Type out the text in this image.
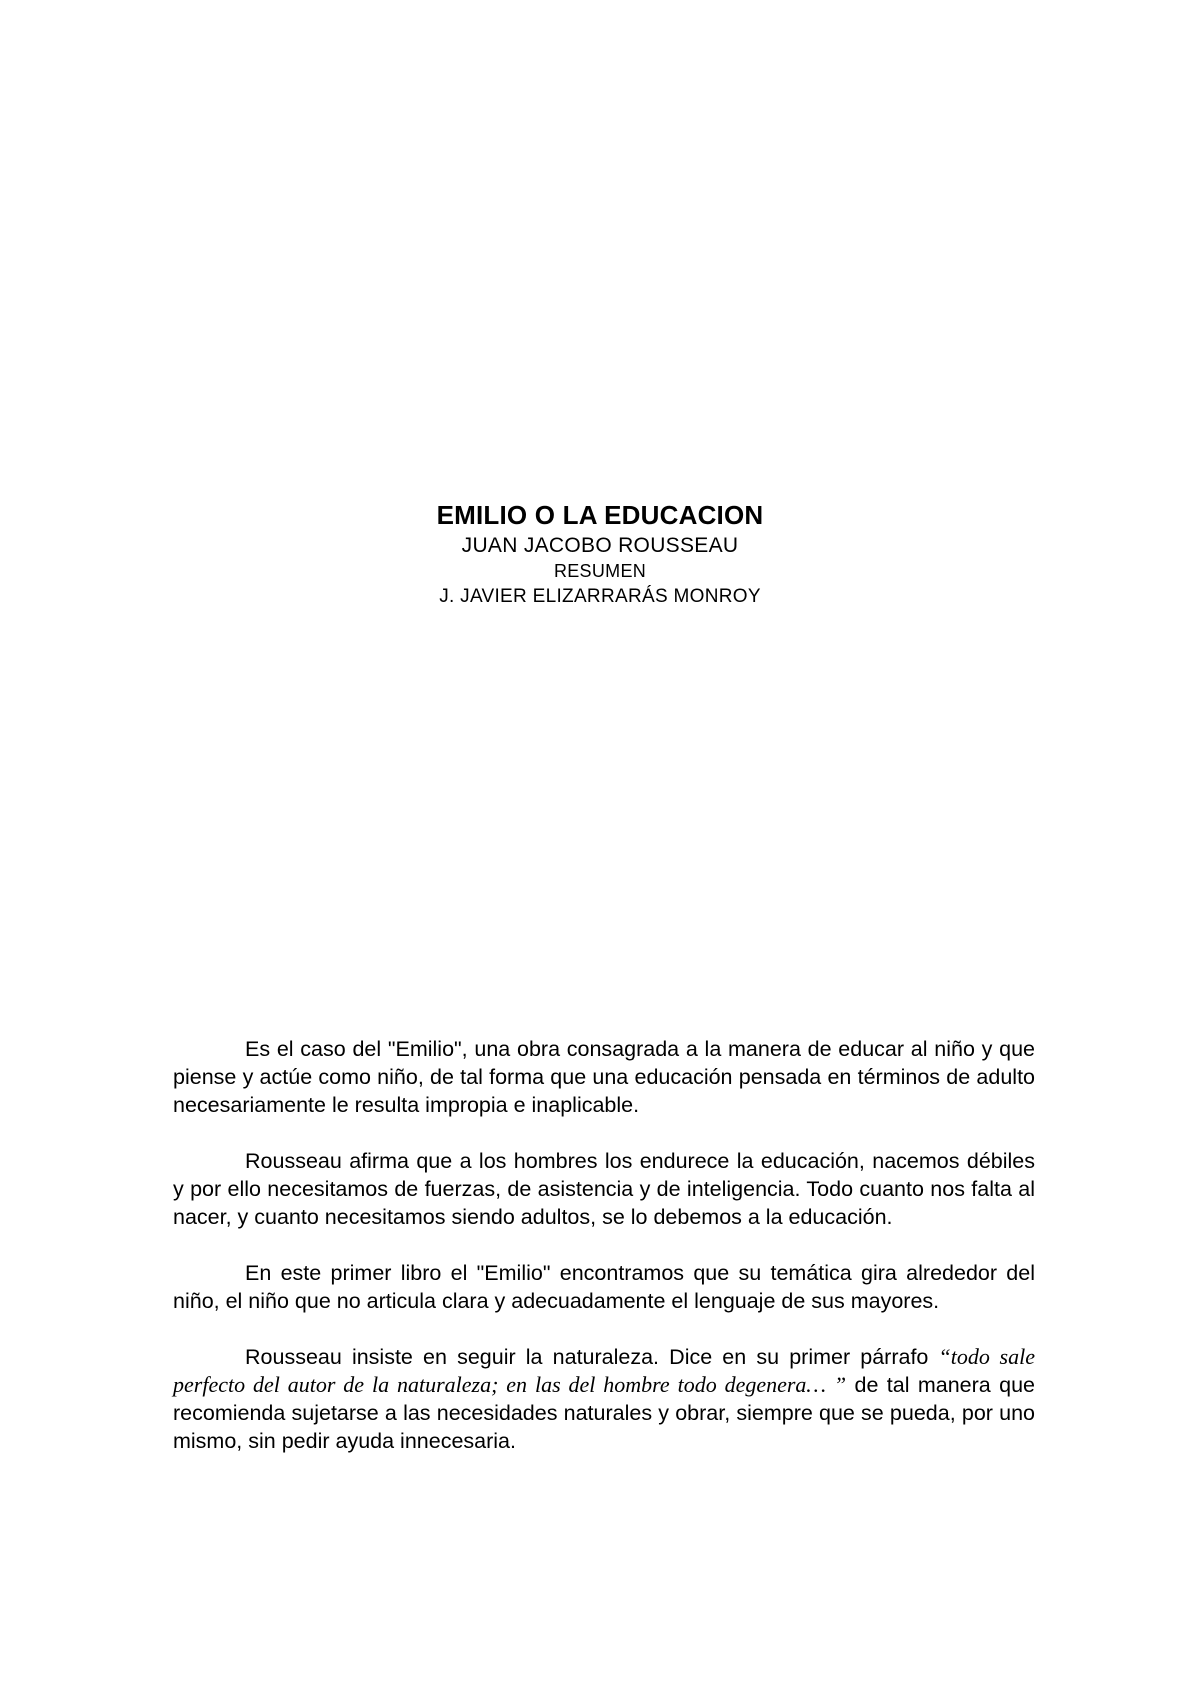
EMILIO O LA EDUCACION

JUAN JACOBO ROUSSEAU

RESUMEN

J. JAVIER ELIZARRARÁS MONROY

Es el caso del "Emilio", una obra consagrada a la manera de educar al niño y que piense y actúe como niño, de tal forma que una educación pensada en términos de adulto necesariamente le resulta impropia e inaplicable.

Rousseau afirma que a los hombres los endurece la educación, nacemos débiles y por ello necesitamos de fuerzas, de asistencia y de inteligencia. Todo cuanto nos falta al nacer, y cuanto necesitamos siendo adultos, se lo debemos a la educación.

En este primer libro el "Emilio" encontramos que su temática gira alrededor del niño, el niño que no articula clara y adecuadamente el lenguaje de sus mayores.

Rousseau insiste en seguir la naturaleza. Dice en su primer párrafo “todo sale perfecto del autor de la naturaleza; en las del hombre todo degenera… ” de tal manera que recomienda sujetarse a las necesidades naturales y obrar, siempre que se pueda, por uno mismo, sin pedir ayuda innecesaria.
